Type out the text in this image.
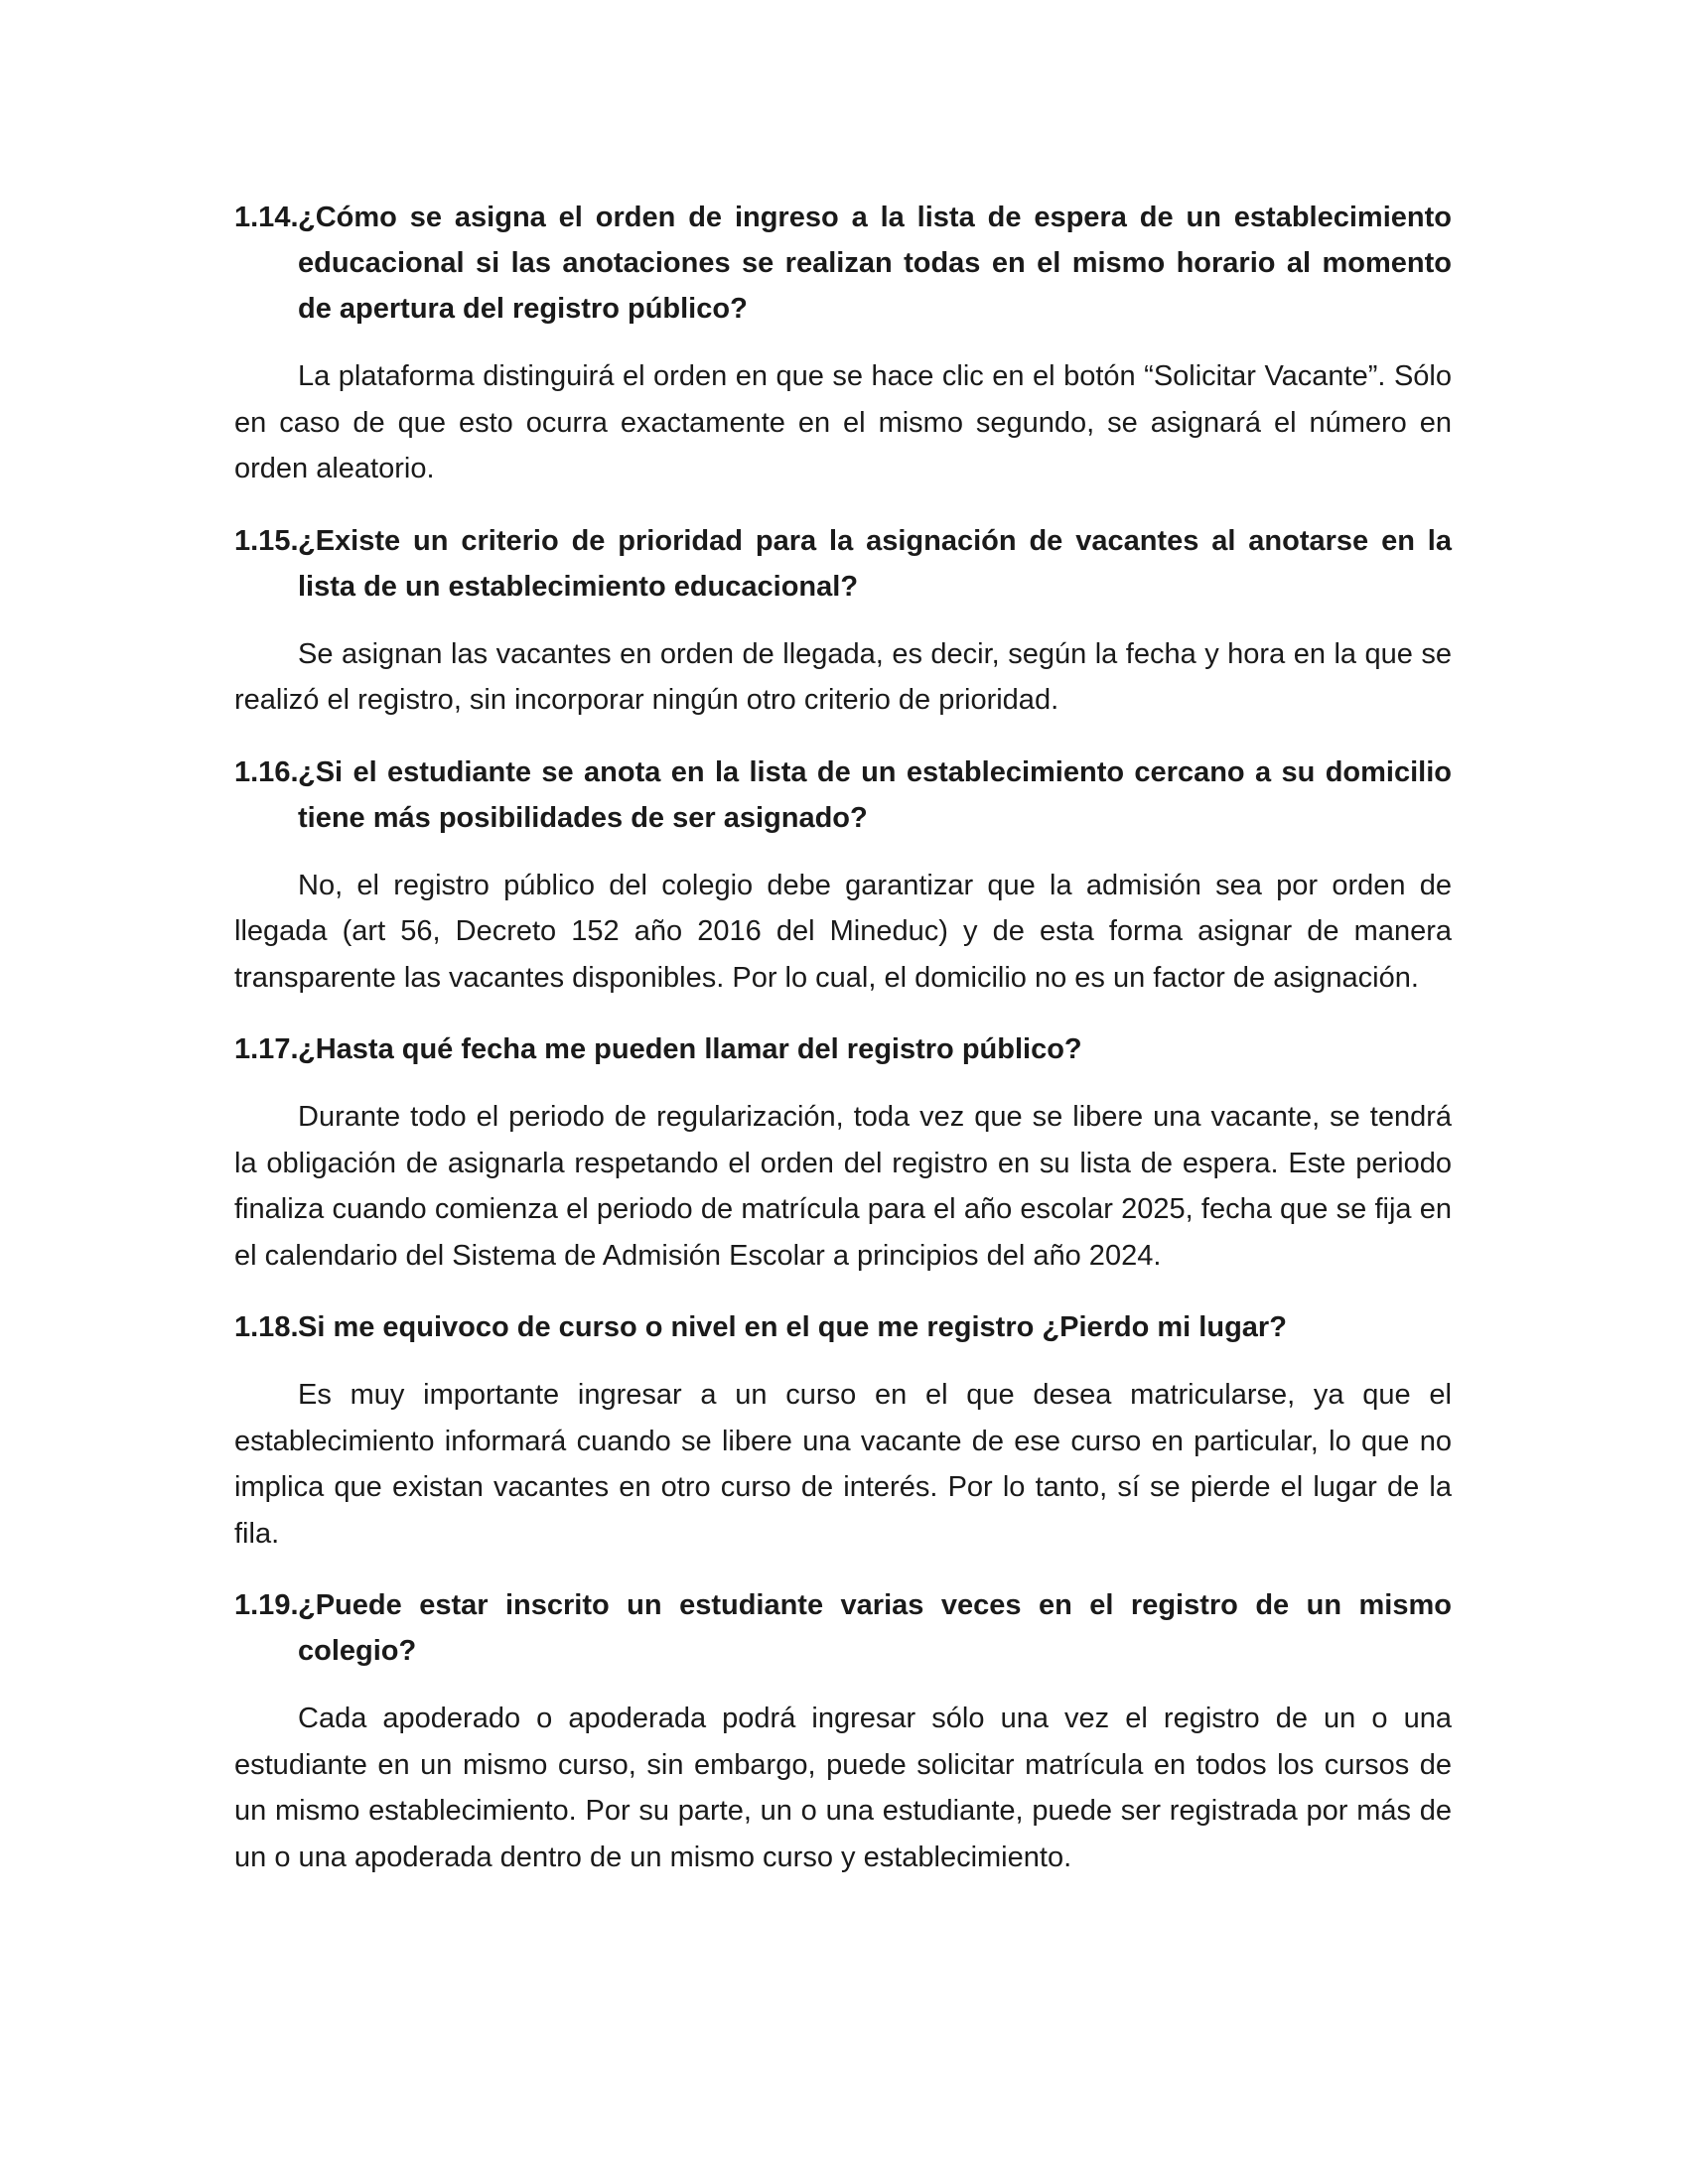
1.14. ¿Cómo se asigna el orden de ingreso a la lista de espera de un establecimiento educacional si las anotaciones se realizan todas en el mismo horario al momento de apertura del registro público?

La plataforma distinguirá el orden en que se hace clic en el botón “Solicitar Vacante”. Sólo en caso de que esto ocurra exactamente en el mismo segundo, se asignará el número en orden aleatorio.

1.15. ¿Existe un criterio de prioridad para la asignación de vacantes al anotarse en la lista de un establecimiento educacional?

Se asignan las vacantes en orden de llegada, es decir, según la fecha y hora en la que se realizó el registro, sin incorporar ningún otro criterio de prioridad.

1.16. ¿Si el estudiante se anota en la lista de un establecimiento cercano a su domicilio tiene más posibilidades de ser asignado?

No, el registro público del colegio debe garantizar que la admisión sea por orden de llegada (art 56, Decreto 152 año 2016 del Mineduc) y de esta forma asignar de manera transparente las vacantes disponibles. Por lo cual, el domicilio no es un factor de asignación.

1.17. ¿Hasta qué fecha me pueden llamar del registro público?

Durante todo el periodo de regularización, toda vez que se libere una vacante, se tendrá la obligación de asignarla respetando el orden del registro en su lista de espera. Este periodo finaliza cuando comienza el periodo de matrícula para el año escolar 2025, fecha que se fija en el calendario del Sistema de Admisión Escolar a principios del año 2024.

1.18. Si me equivoco de curso o nivel en el que me registro ¿Pierdo mi lugar?

Es muy importante ingresar a un curso en el que desea matricularse, ya que el establecimiento informará cuando se libere una vacante de ese curso en particular, lo que no implica que existan vacantes en otro curso de interés. Por lo tanto, sí se pierde el lugar de la fila.

1.19. ¿Puede estar inscrito un estudiante varias veces en el registro de un mismo colegio?

Cada apoderado o apoderada podrá ingresar sólo una vez el registro de un o una estudiante en un mismo curso, sin embargo, puede solicitar matrícula en todos los cursos de un mismo establecimiento. Por su parte, un o una estudiante, puede ser registrada por más de un o una apoderada dentro de un mismo curso y establecimiento.
